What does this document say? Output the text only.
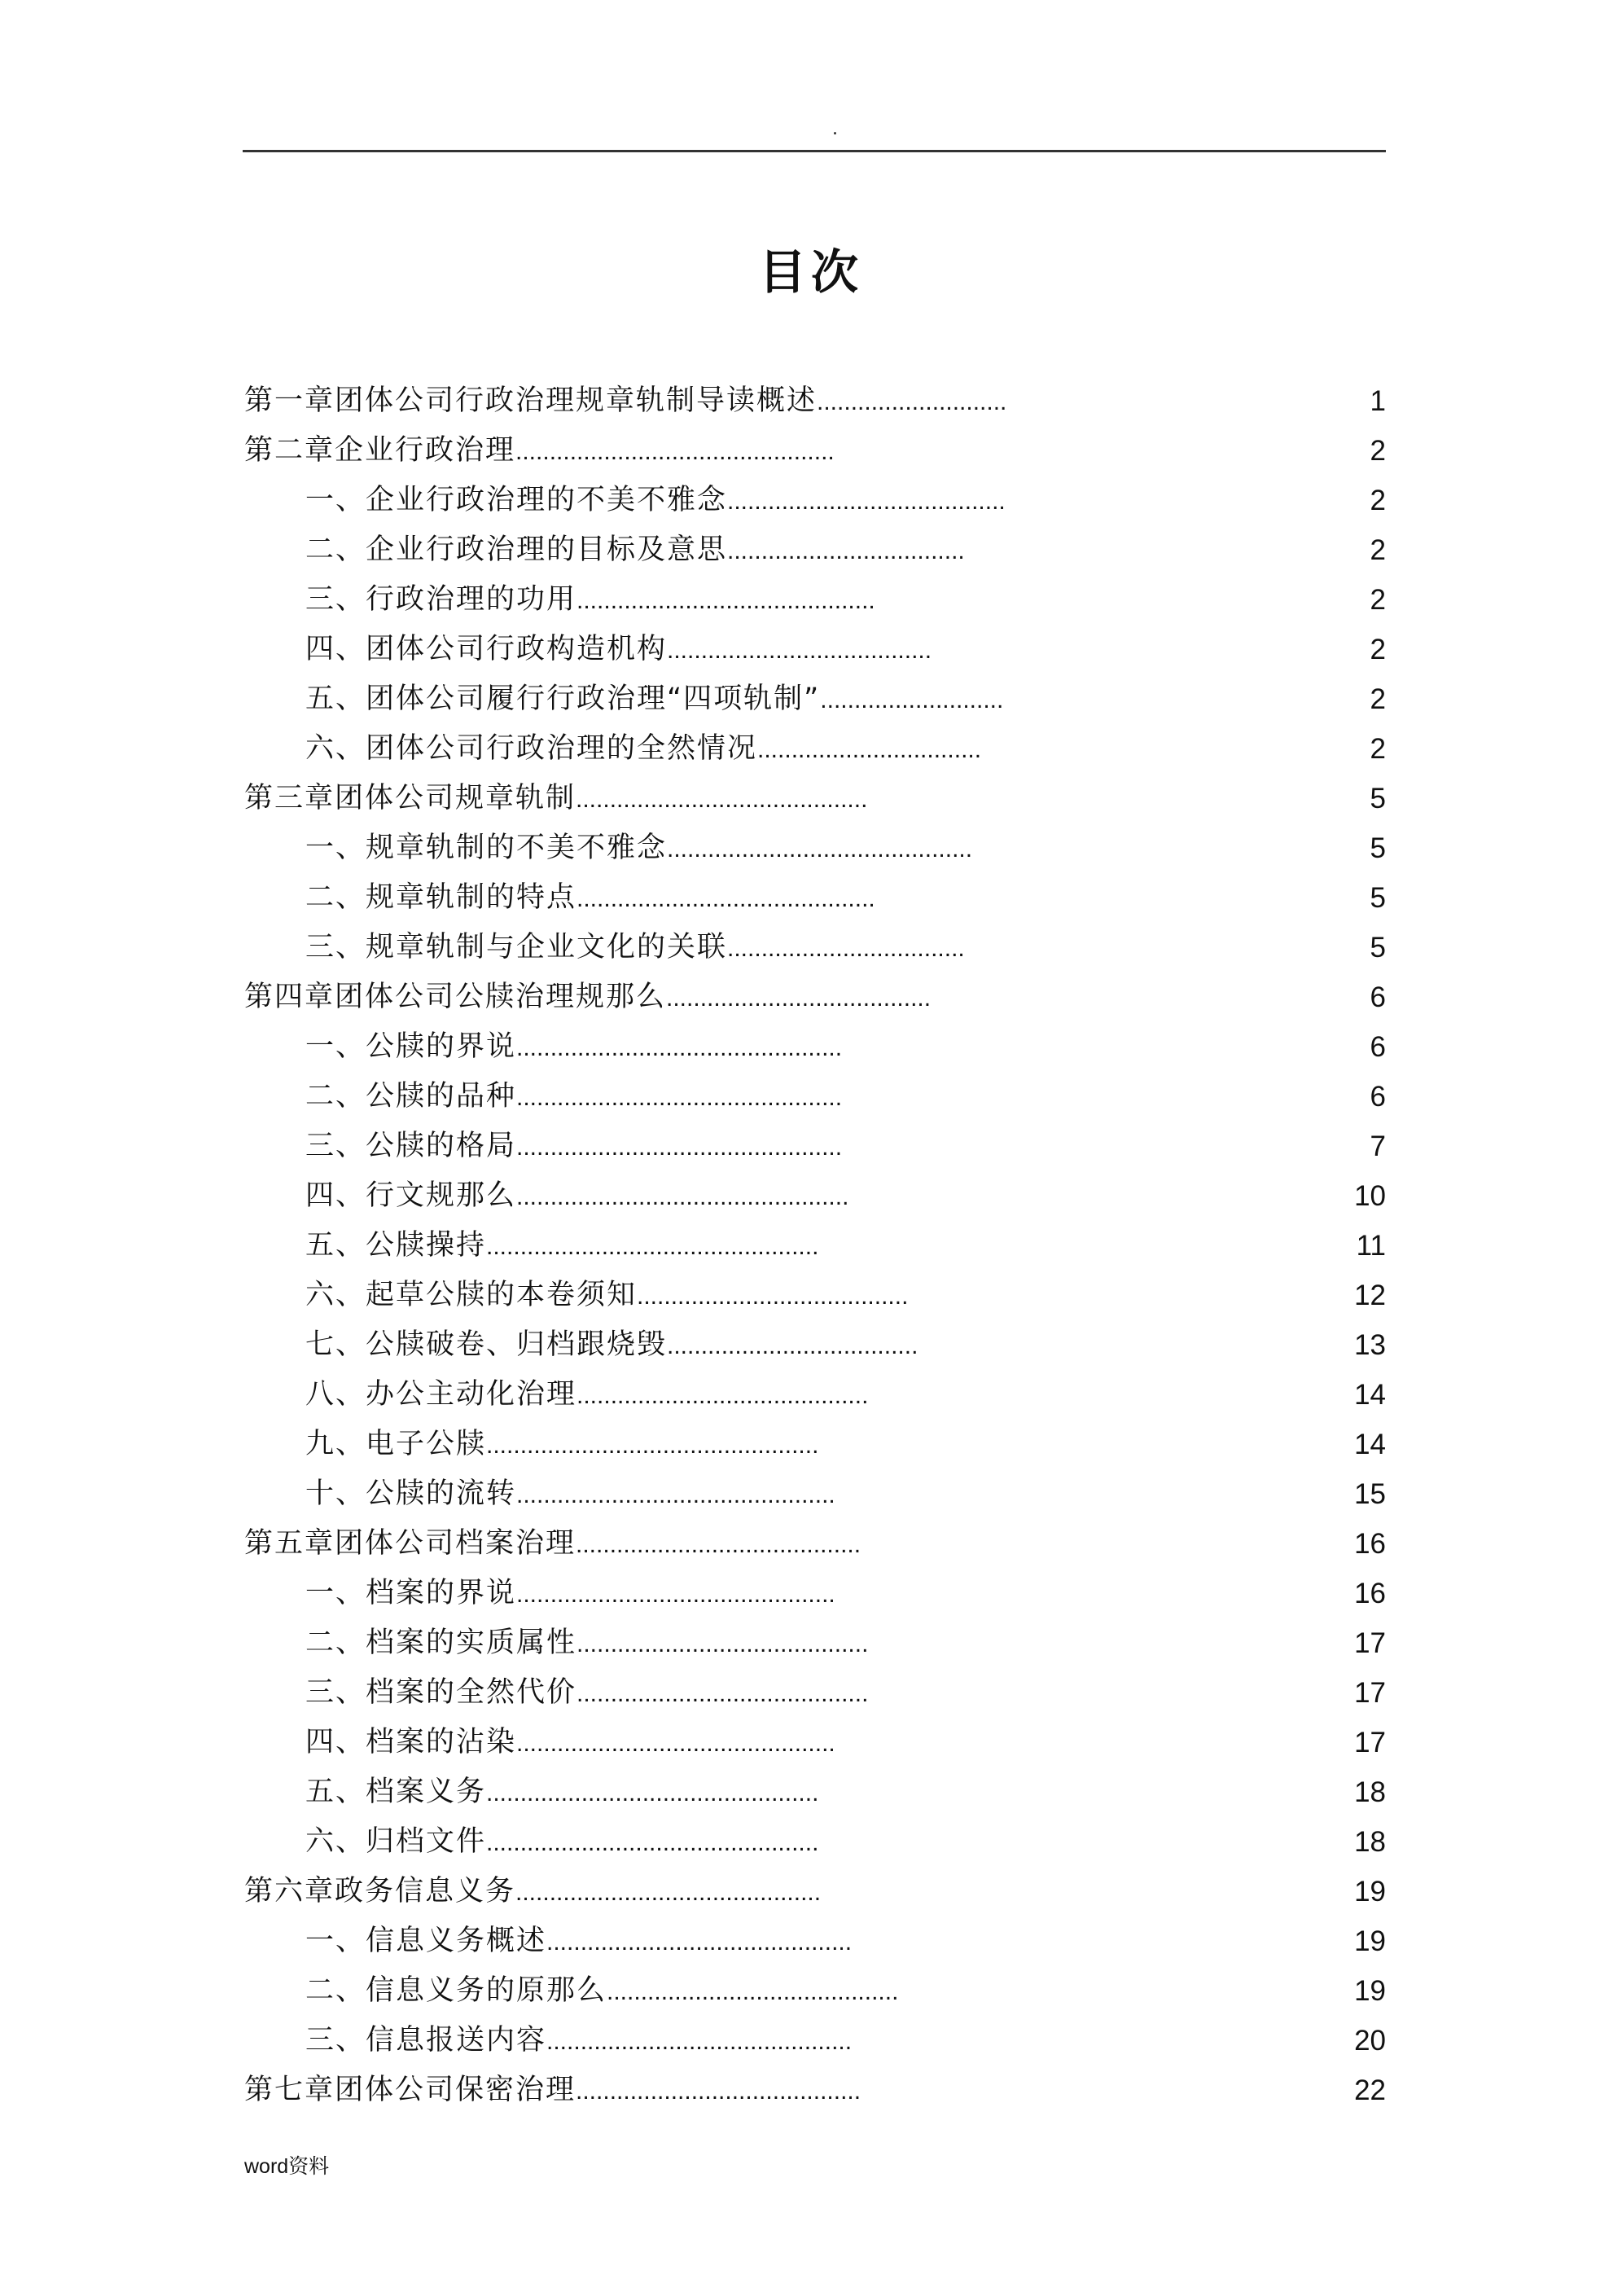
.
目次
第一章团体公司行政治理规章轨制导读概述............................	1
第二章企业行政治理...............................................	2
一、企业行政治理的不美不雅念.........................................	2
二、企业行政治理的目标及意思...................................	2
三、行政治理的功用............................................	2
四、团体公司行政构造机构.......................................	2
五、团体公司履行行政治理“四项轨制”...........................	2
六、团体公司行政治理的全然情况.................................	2
第三章团体公司规章轨制...........................................	5
一、规章轨制的不美不雅念.............................................	5
二、规章轨制的特点............................................	5
三、规章轨制与企业文化的关联...................................	5
第四章团体公司公牍治理规那么.......................................	6
一、公牍的界说................................................	6
二、公牍的品种................................................	6
三、公牍的格局................................................	7
四、行文规那么.................................................	10
五、公牍操持.................................................	11
六、起草公牍的本卷须知........................................	12
七、公牍破卷、归档跟烧毁.....................................	13
八、办公主动化治理...........................................	14
九、电子公牍.................................................	14
十、公牍的流转...............................................	15
第五章团体公司档案治理..........................................	16
一、档案的界说...............................................	16
二、档案的实质属性...........................................	17
三、档案的全然代价...........................................	17
四、档案的沾染...............................................	17
五、档案义务.................................................	18
六、归档文件.................................................	18
第六章政务信息义务.............................................	19
一、信息义务概述.............................................	19
二、信息义务的原那么...........................................	19
三、信息报送内容.............................................	20
第七章团体公司保密治理..........................................	22
word资料
